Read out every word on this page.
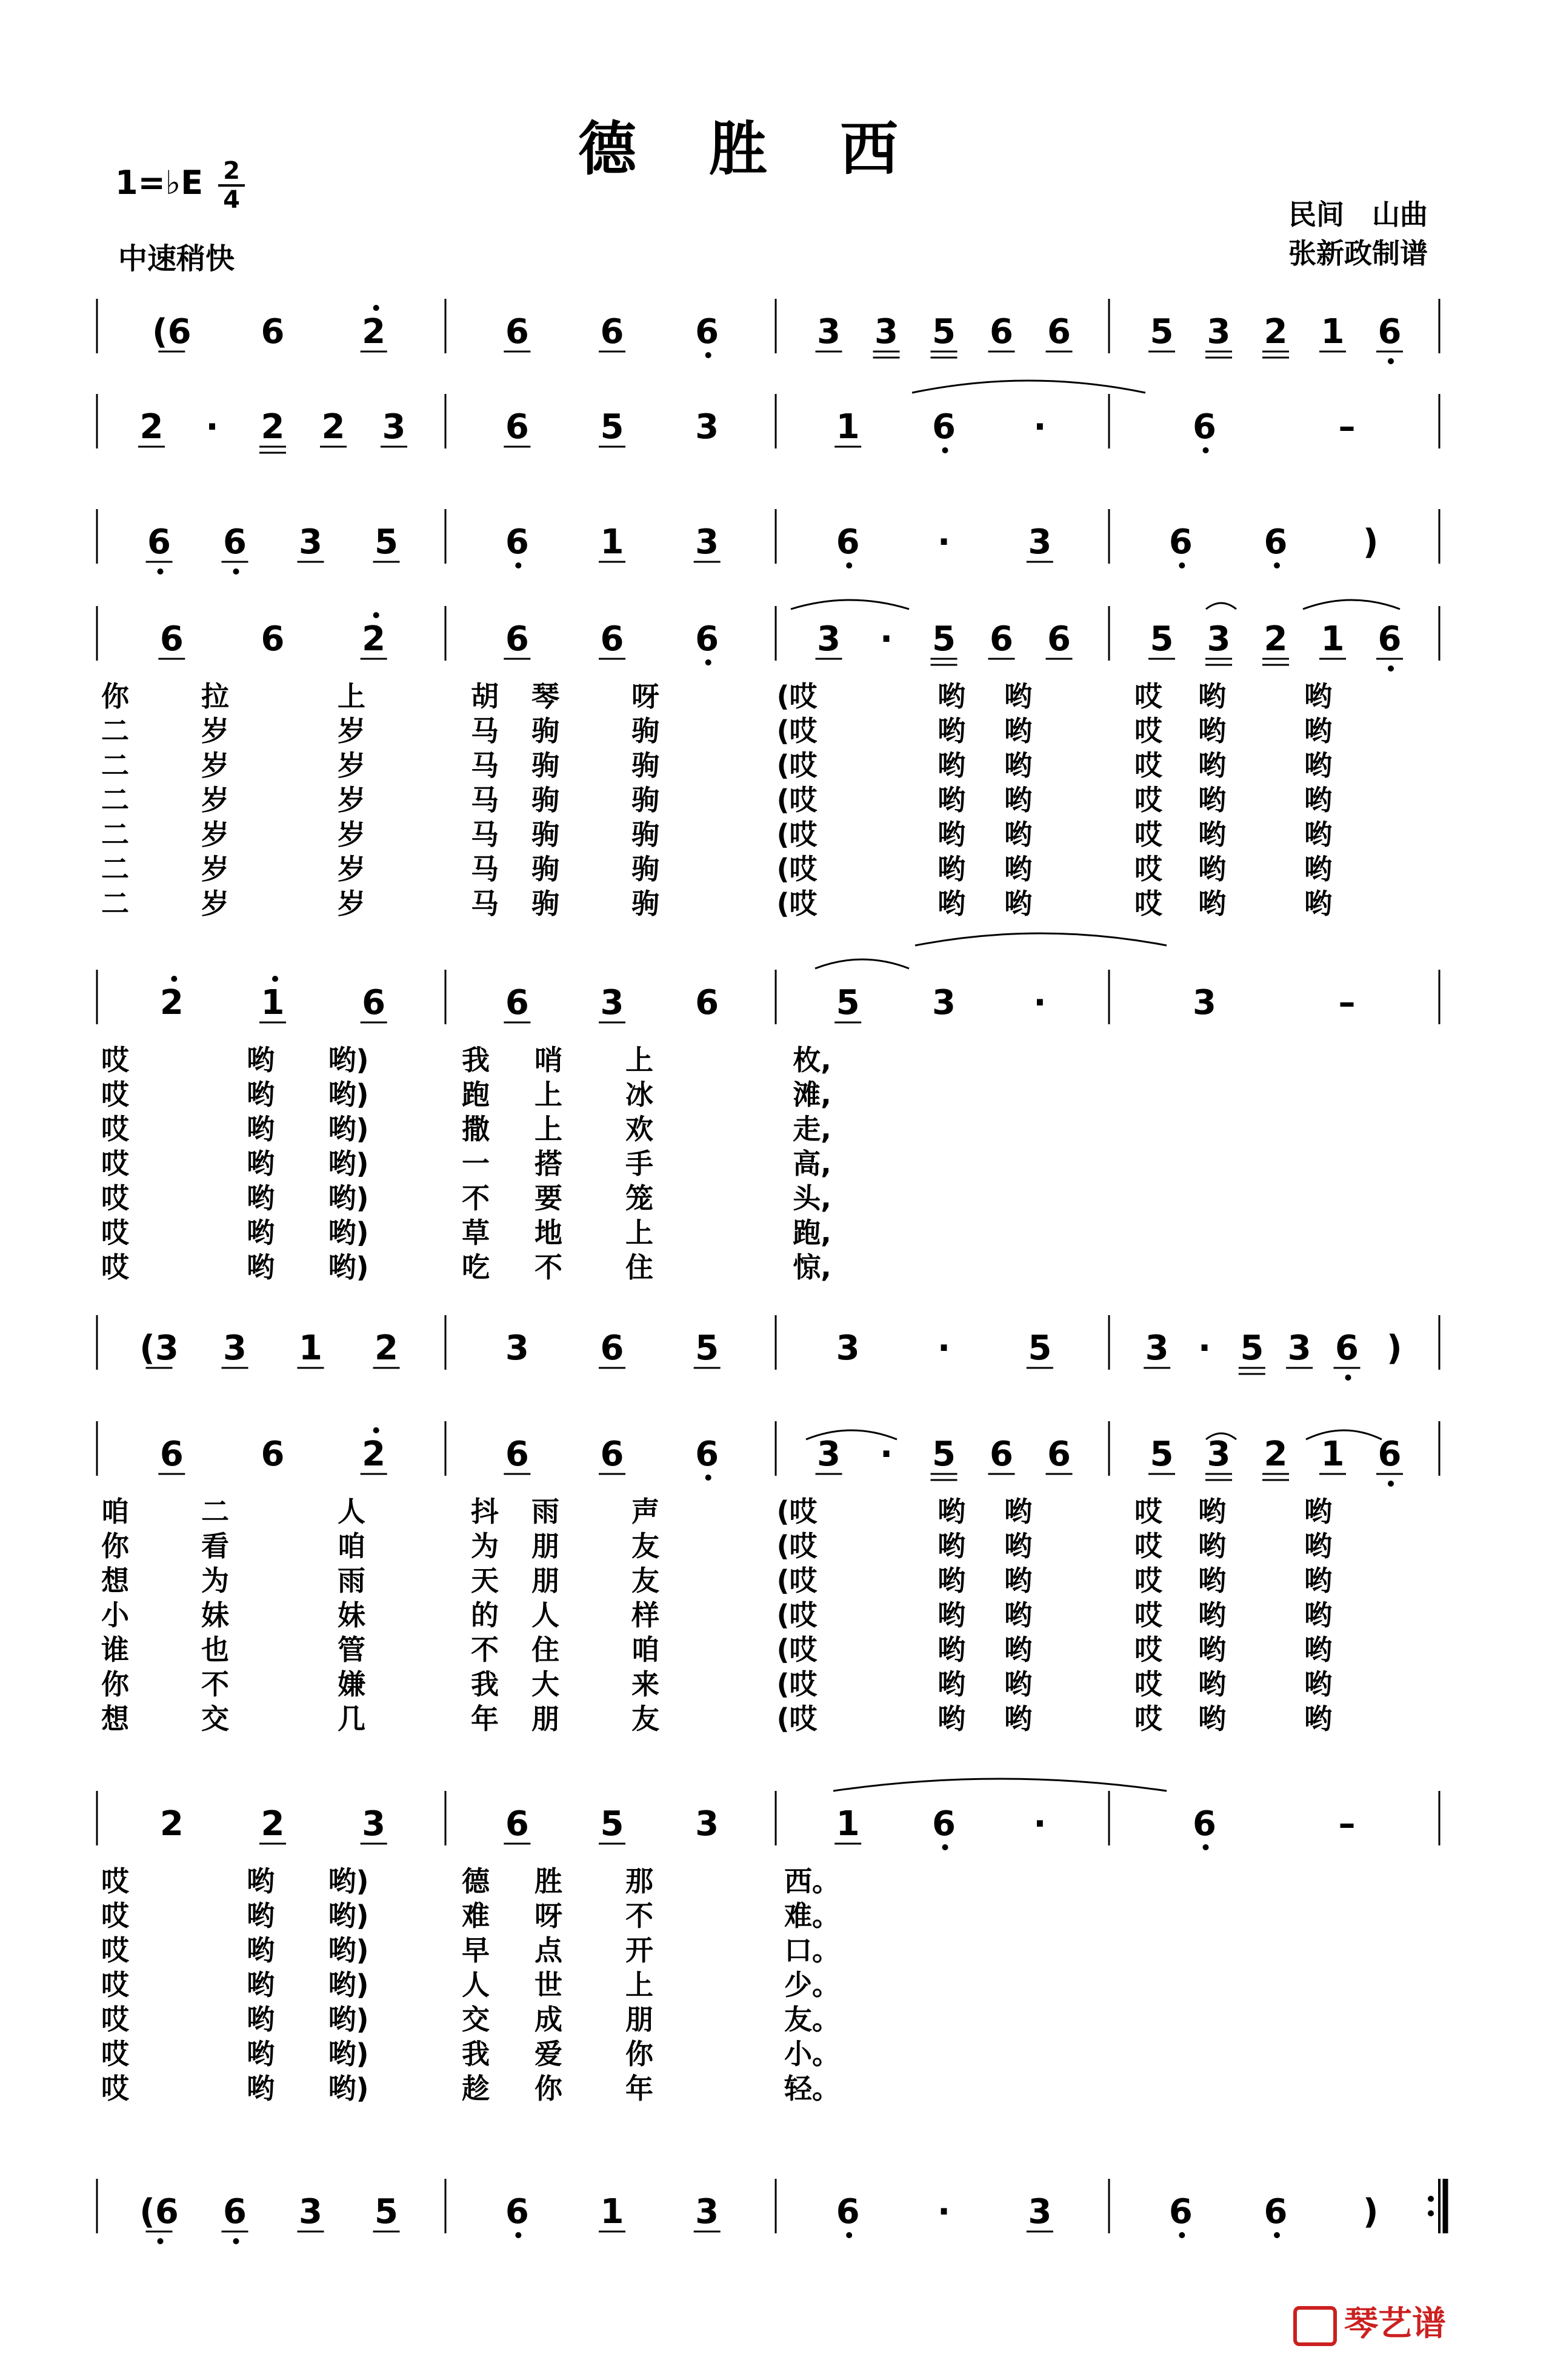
德胜西
1=♭E 2
4
中速稍快
民间　山曲
张新政制谱
(6 6 2	6 6 6	3 3 5 6 6 5 3 2 1 6
2 · 2 2 3	6 5 3	1 6 ·	6	–
6 6 3 5	6 1 3	6 · 3	6 6 )
6 6 2	6 6 6	3 · 5 6 6 5 3 2 1 6
你	拉	上	胡 琴	呀	(哎	哟 哟	哎 哟	哟
二	岁	岁	马 驹	驹	(哎	哟 哟	哎 哟	哟
二	岁	岁	马 驹	驹	(哎	哟 哟	哎 哟	哟
二	岁	岁	马 驹	驹	(哎	哟 哟	哎 哟	哟
二	岁	岁	马 驹	驹	(哎	哟 哟	哎 哟	哟
二	岁	岁	马 驹	驹	(哎	哟 哟	哎 哟	哟
二	岁	岁	马 驹	驹	(哎	哟 哟	哎 哟	哟
2 1 6	6 3 6	5 3 ·	3	–
哎	哟 哟)	我 哨 上	枚,
哎	哟 哟)	跑 上 冰	滩,
哎	哟 哟)	撒 上 欢	走,
哎	哟 哟)	一 搭 手	高,
哎	哟 哟)	不 要 笼	头,
哎	哟 哟)	草 地 上	跑,
哎	哟 哟)	吃 不 住	惊,
(3 3 1 2	3 6 5	3 · 5	3 · 5 3 6 )
6 6 2	6 6 6	3 · 5 6 6 5 3 2 1 6
咱	二	人	抖 雨	声	(哎	哟 哟	哎 哟	哟
你	看	咱	为 朋	友	(哎	哟 哟	哎 哟	哟
想	为	雨	天 朋	友	(哎	哟 哟	哎 哟	哟
小	妹	妹	的 人	样	(哎	哟 哟	哎 哟	哟
谁	也	管	不 住	咱	(哎	哟 哟	哎 哟	哟
你	不	嫌	我 大	来	(哎	哟 哟	哎 哟	哟
想	交	几	年 朋	友	(哎	哟 哟	哎 哟	哟
2 2 3	6 5 3	1 6 ·	6	–
哎	哟 哟)	德 胜 那	西。
哎	哟 哟)	难 呀 不	难。
哎	哟 哟)	早 点 开	口。
哎	哟 哟)	人 世 上	少。
哎	哟 哟)	交 成 朋	友。
哎	哟 哟)	我 爱 你	小。
哎	哟 哟)	趁 你 年	轻。
(6 6 3 5	6 1 3	6 · 3	6 6 )
琴艺谱
